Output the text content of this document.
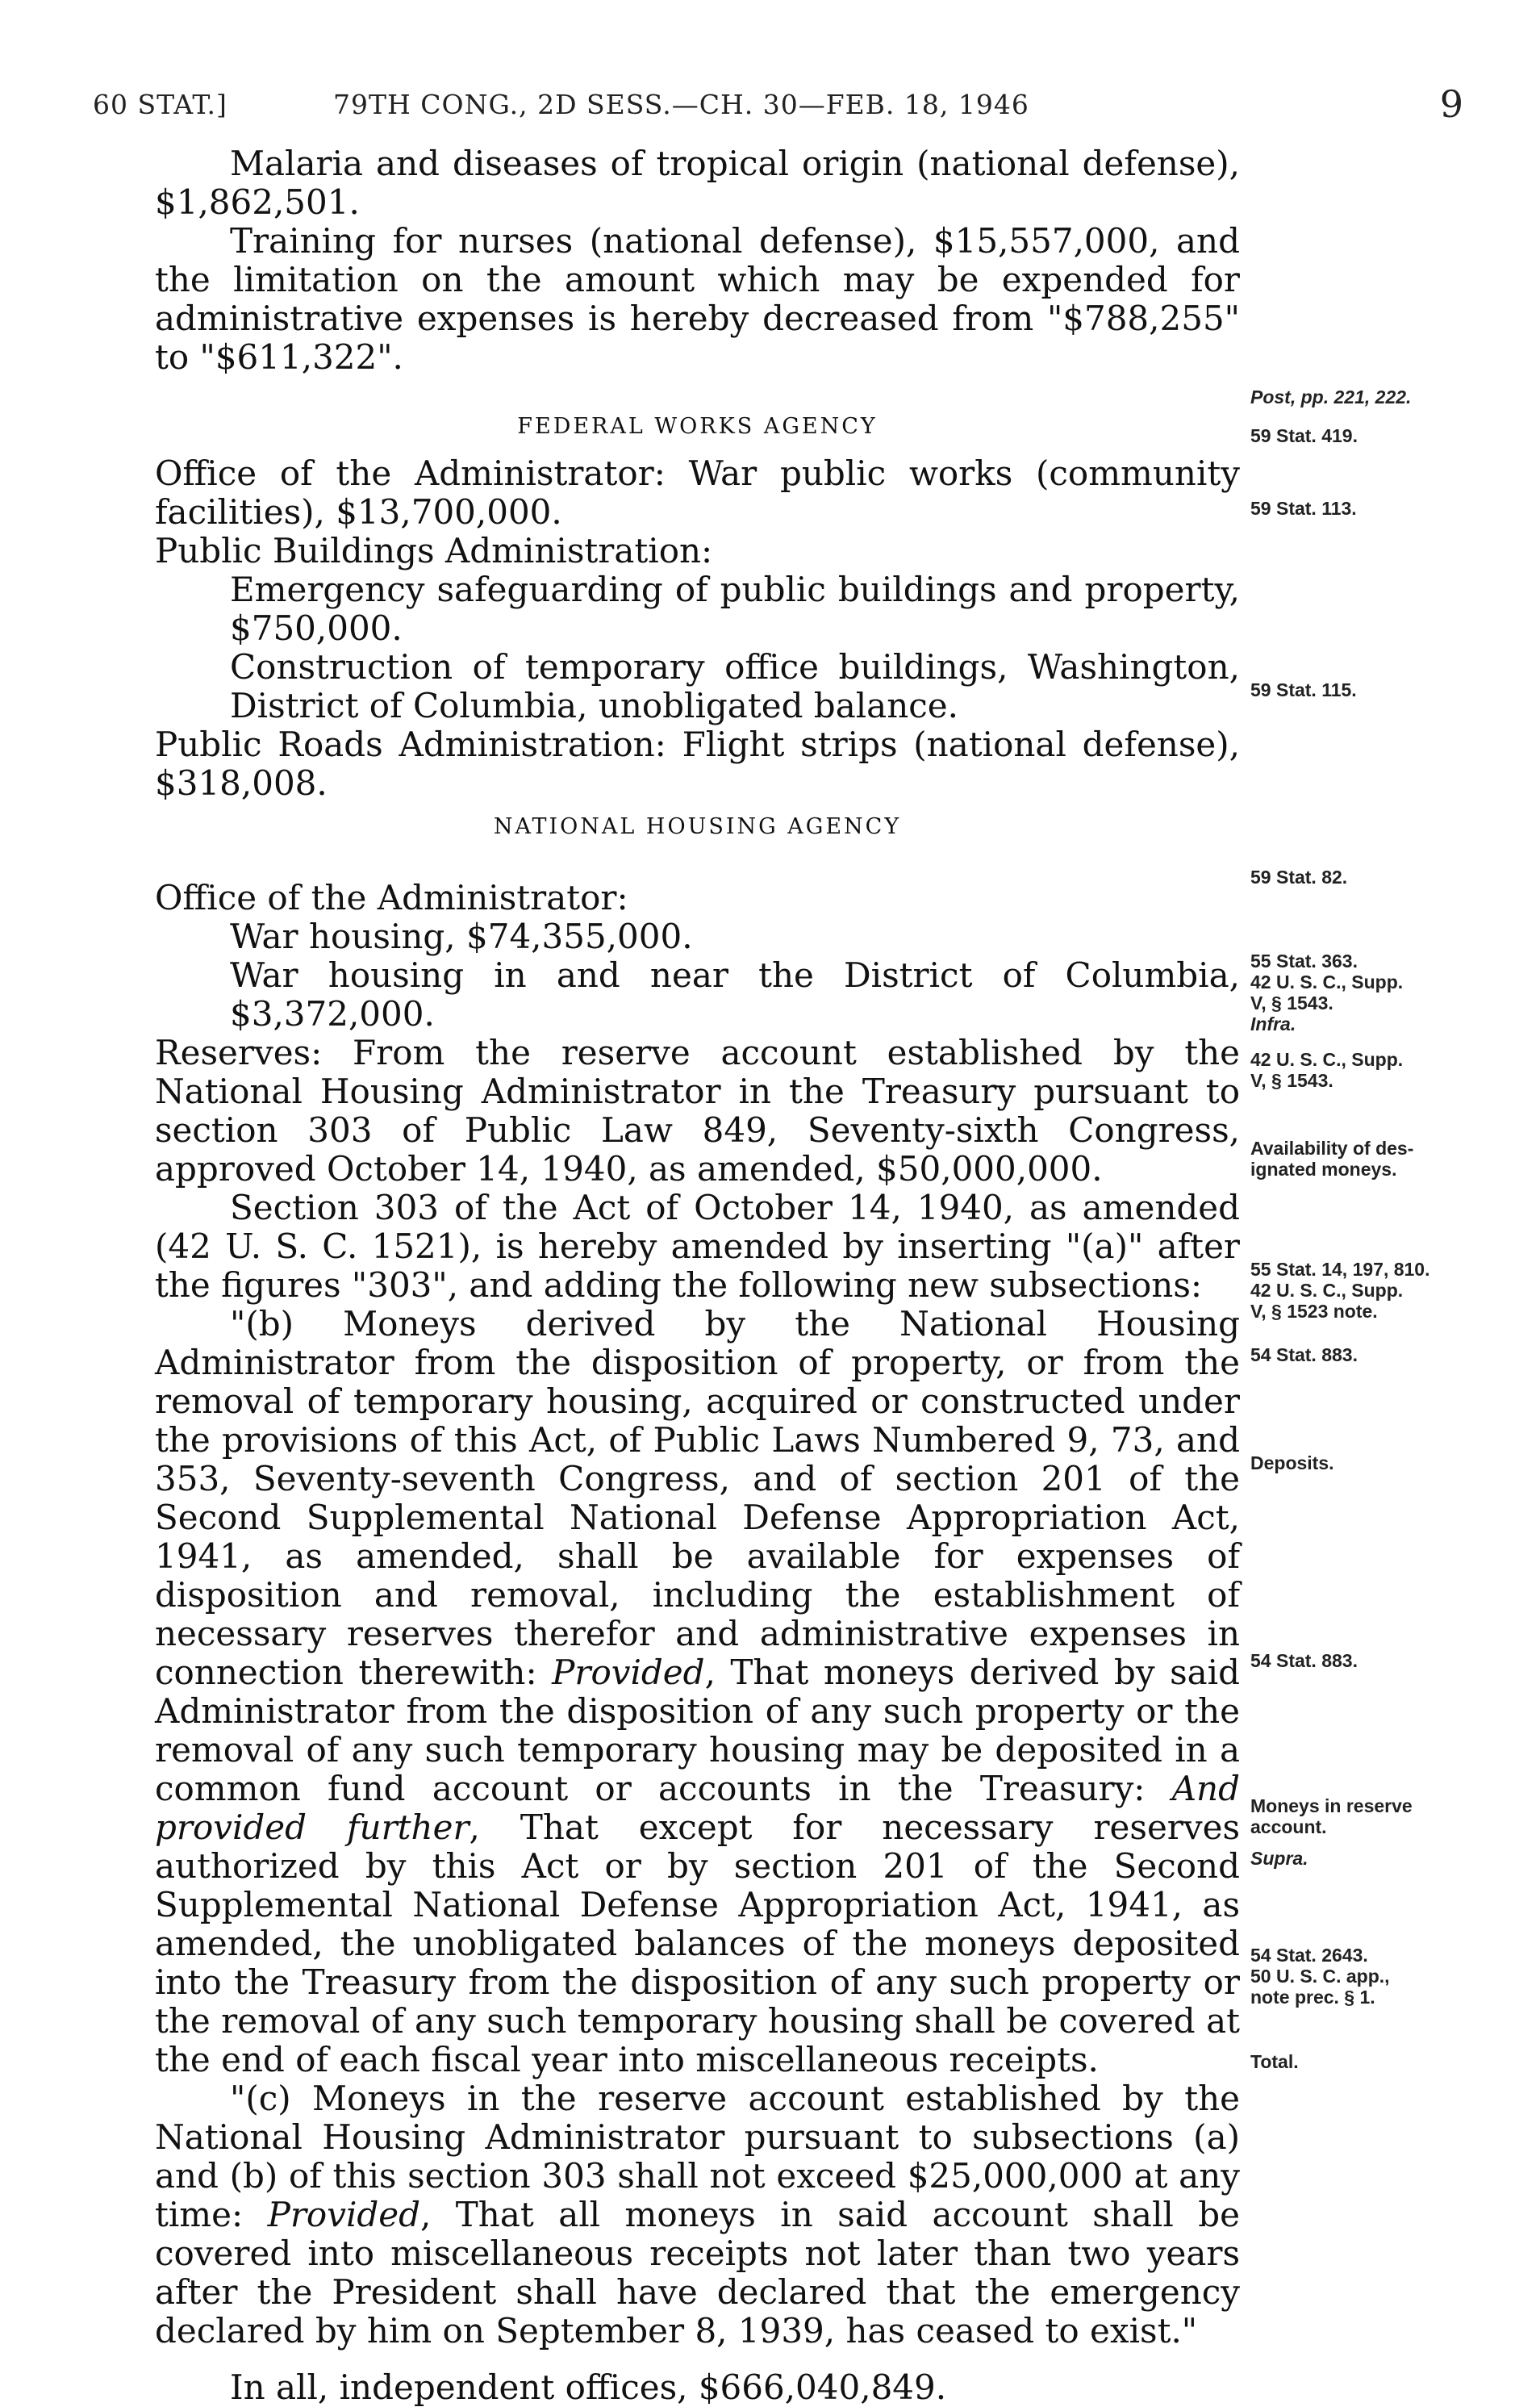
60 STAT.]	79TH CONG., 2D SESS.—CH. 30—FEB. 18, 1946	9

Malaria and diseases of tropical origin (national defense), $1,862,501.

Training for nurses (national defense), $15,557,000, and the limitation on the amount which may be expended for administrative expenses is hereby decreased from "$788,255" to "$611,322".

FEDERAL WORKS AGENCY

Office of the Administrator: War public works (community facilities), $13,700,000.

Public Buildings Administration:

Emergency safeguarding of public buildings and property, $750,000.

Construction of temporary office buildings, Washington, District of Columbia, unobligated balance.

Public Roads Administration: Flight strips (national defense), $318,008.

NATIONAL HOUSING AGENCY

Office of the Administrator:

War housing, $74,355,000.

War housing in and near the District of Columbia, $3,372,000.

Reserves: From the reserve account established by the National Housing Administrator in the Treasury pursuant to section 303 of Public Law 849, Seventy-sixth Congress, approved October 14, 1940, as amended, $50,000,000.

Section 303 of the Act of October 14, 1940, as amended (42 U. S. C. 1521), is hereby amended by inserting "(a)" after the figures "303", and adding the following new subsections:

"(b) Moneys derived by the National Housing Administrator from the disposition of property, or from the removal of temporary housing, acquired or constructed under the provisions of this Act, of Public Laws Numbered 9, 73, and 353, Seventy-seventh Congress, and of section 201 of the Second Supplemental National Defense Appropriation Act, 1941, as amended, shall be available for expenses of disposition and removal, including the establishment of necessary reserves therefor and administrative expenses in connection therewith: Provided, That moneys derived by said Administrator from the disposition of any such property or the removal of any such temporary housing may be deposited in a common fund account or accounts in the Treasury: And provided further, That except for necessary reserves authorized by this Act or by section 201 of the Second Supplemental National Defense Appropriation Act, 1941, as amended, the unobligated balances of the moneys deposited into the Treasury from the disposition of any such property or the removal of any such temporary housing shall be covered at the end of each fiscal year into miscellaneous receipts.

"(c) Moneys in the reserve account established by the National Housing Administrator pursuant to subsections (a) and (b) of this section 303 shall not exceed $25,000,000 at any time: Provided, That all moneys in said account shall be covered into miscellaneous receipts not later than two years after the President shall have declared that the emergency declared by him on September 8, 1939, has ceased to exist."

In all, independent offices, $666,040,849.

Post, pp. 221, 222.
59 Stat. 419.
59 Stat. 113.
59 Stat. 115.
59 Stat. 82.
55 Stat. 363.
42 U. S. C., Supp.
V, § 1543.
Infra.
42 U. S. C., Supp.
V, § 1543.
Availability of des-
ignated moneys.
55 Stat. 14, 197, 810.
42 U. S. C., Supp.
V, § 1523 note.
54 Stat. 883.
Deposits.
54 Stat. 883.
Moneys in reserve
account.
Supra.
54 Stat. 2643.
50 U. S. C. app.,
note prec. § 1.
Total.
